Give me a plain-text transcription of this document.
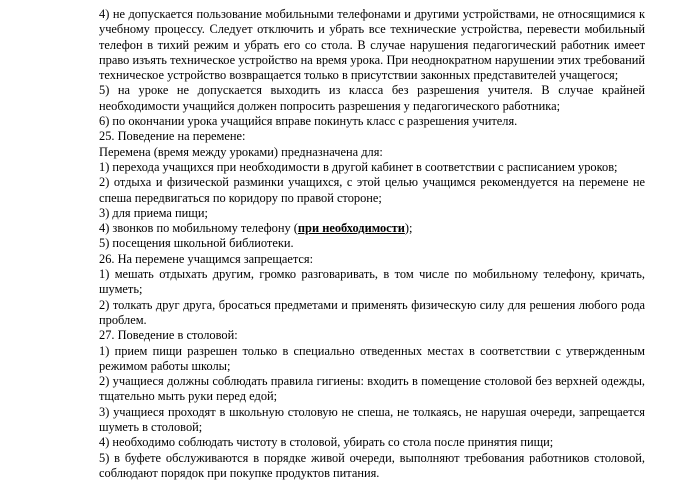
4) не допускается пользование мобильными телефонами и другими устройствами, не относящимися к учебному процессу. Следует отключить и убрать все технические устройства, перевести мобильный телефон в тихий режим и убрать его со стола. В случае нарушения педагогический работник имеет право изъять техническое устройство на время урока. При неоднократном нарушении этих требований техническое устройство возвращается только в присутствии законных представителей учащегося;

5) на уроке не допускается выходить из класса без разрешения учителя. В случае крайней необходимости учащийся должен попросить разрешения у педагогического работника;

6) по окончании урока учащийся вправе покинуть класс с разрешения учителя.

25. Поведение на перемене:

Перемена (время между уроками) предназначена для:

1) перехода учащихся при необходимости в другой кабинет в соответствии с расписанием уроков;

2) отдыха и физической разминки учащихся, с этой целью учащимся рекомендуется на перемене не спеша передвигаться по коридору по правой стороне;

3) для приема пищи;

4) звонков по мобильному телефону (при необходимости);

5) посещения школьной библиотеки.

26. На перемене учащимся запрещается:

1) мешать отдыхать другим, громко разговаривать, в том числе по мобильному телефону, кричать, шуметь;

2) толкать друг друга, бросаться предметами и применять физическую силу для решения любого рода проблем.

27. Поведение в столовой:

1) прием пищи разрешен только в специально отведенных местах в соответствии с утвержденным режимом работы школы;

2) учащиеся должны соблюдать правила гигиены: входить в помещение столовой без верхней одежды, тщательно мыть руки перед едой;

3) учащиеся проходят в школьную столовую не спеша, не толкаясь, не нарушая очереди, запрещается шуметь в столовой;

4) необходимо соблюдать чистоту в столовой, убирать со стола после принятия пищи;

5) в буфете обслуживаются в порядке живой очереди, выполняют требования работников столовой, соблюдают порядок при покупке продуктов питания.
